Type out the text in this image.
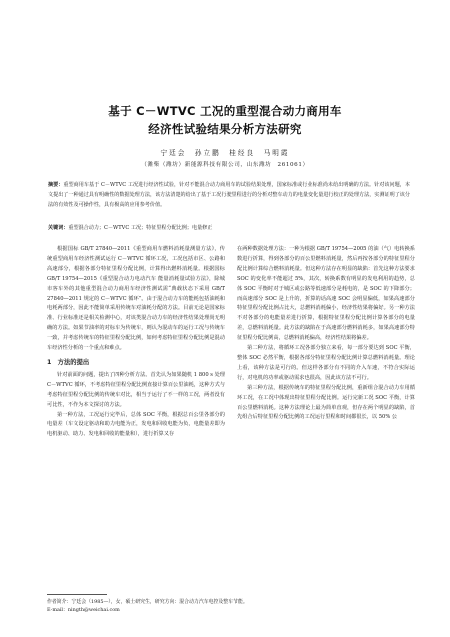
基于 C－WTVC 工况的重型混合动力商用车
经济性试验结果分析方法研究
宁廷会　孙立鹏　桂经良　马明霞
（潍柴（潍坊）新能源科技有限公司，山东潍坊　261061）
摘要：重型商用车基于 C－WTVC 工况进行经济性试验，针对不能混合动力商用车的试验结果处理，国家标准或行业标准尚未给出明确的方法。针对该问题，本文提出了一种通过具有明确性的数据处理方法，该方法清楚的给出了基于工况行驶里程进行的分析对整车动力的电量变化量进行校正的处理方法，实测证明了该分法的有效性及可操作性，具有极高的应用参考价值。
关键词：重型混合动力；C－WTVC 工况；特征里程分配比例；电量修正

根据国标 GB/T 27840—2011《重型商用车燃料消耗量测量方法》，传统重型商用车经济性测试运行 C－WTVC 循环工况，工况包括市区、公路和高速部分，根据各部分特征里程分配比例，计算得出燃料消耗量。根据国标 GB/T 19754—2015《重型混合动力电动汽车 能量消耗量试验方法》，除城市客车外的其他重型混合动力商用车经济性测试需“典载状态下采用 GB/T 27840—2011 规定的 C－WTVC 循环”。由于混合动力车的能耗包括油耗和电耗两部分，因此不能简单采用传统车对油耗分配的方法。目前无论是国家标准、行业标准还是相关检测中心，对该类混合动力车的经济性结果处理尚无明确的方法。如果节油率的对标车为传统车，则认为混动车的运行工况与传统车一致，并考虑传统车的特征里程分配比例，如何考虑特征里程分配比例是混动车经济性分析的一个重点和难点。

1　方法的提出

针对前面的问题，提出了四种分析方法。首先认为如果随机 1 800 s 处理 C－WTVC 循环，不考虑特征里程分配比例直接计算百公里油耗，这种方式与考虑特征里程分配比例的传统车对比，相当于运行了不一样的工况，两者没有可比性，不作为本文探讨的方法。

第一种方法，工况运行完毕后，总体 SOC 平衡，根据总百公里各部分的电量差（车文设定驱动和助力电能为正，发电和回收电能为负，电能量差即为电机驱动、助力、发电和回收的能量和），进行折算又存

在两种数据处理方法：一种为根据 GB/T 19754—2005 的油（气）电转换系数进行折算，得到各部分的百公里燃料消耗量，然后再按各部分的特征里程分配比例计算综合燃料消耗量。但这种方法存在明显的缺陷：首先这种方法要求 SOC 的变化率不能超过 5%，其次，转换系数有明显的发电利用的趋势，总体 SOC 平衡时对于城区或公路等低速部分是耗电的，是 SOC 的下降部分；而高速部分 SOC 是上升的，折算的话高速 SOC 会明显偏低，如果高速部分特征里程分配比例占比大，总燃料消耗偏小，经济性结果将偏好。另一种方法不对各部分的电能量差进行折算，根据特征里程分配比例计算各部分的电量差，总燃料消耗量。此方法的缺陷在于高速部分燃料消耗多，如果高速部分特征里程分配比例高，总燃料消耗偏高，经济性结果将偏差。

第二种方法，将循环工况各部分独立来看，每一部分要达到 SOC 平衡，整体 SOC 必然平衡，根据各部分特征里程分配比例计算总燃料消耗量。理论上看，该种方法是可行的。但这样各部分有不同的介入车速，不符合实际运行，对电机的功率或驱动需求也很高，因此该方法不可行。

第三种方法，根据传统车的特征里程分配比例，重新组合混合动力车用循环工况，在工况中体现出特征里程分配比例。运行完新工况 SOC 平衡，计算百公里燃料消耗。这种方法理论上最为简单直观，但存在两个明显的缺陷，首先组合后特征里程分配比例的工况运行里程和时间都很长，以 50% 公

作者简介：宁廷会（1985—），女，硕士研究生，研究方向：混合动力汽车电控及整车节能。
E-mail：ningth@weichai.com
